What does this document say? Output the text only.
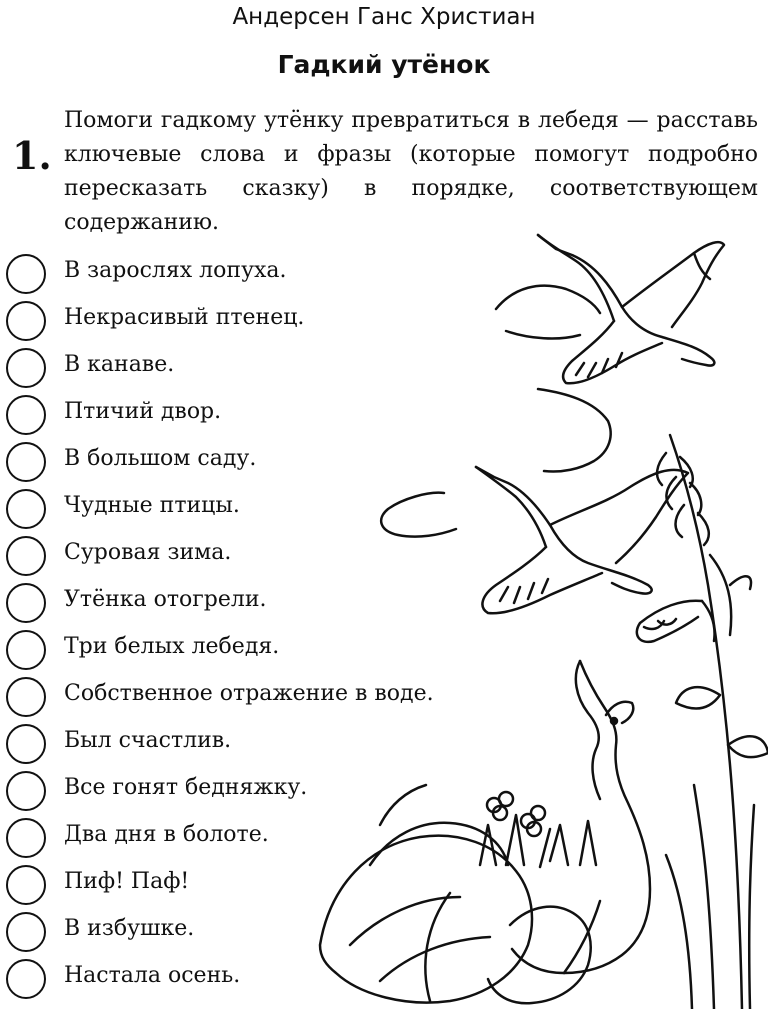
Андерсен Ганс Христиан
Гадкий утёнок
1.
Помоги гадкому утёнку превратиться в лебедя — расставь ключевые слова и фразы (которые помогут подробно пересказать сказку) в порядке, соответствующем содержанию.
В зарослях лопуха.
Некрасивый птенец.
В канаве.
Птичий двор.
В большом саду.
Чудные птицы.
Суровая зима.
Утёнка отогрели.
Три белых лебедя.
Собственное отражение в воде.
Был счастлив.
Все гонят бедняжку.
Два дня в болоте.
Пиф! Паф!
В избушке.
Настала осень.
